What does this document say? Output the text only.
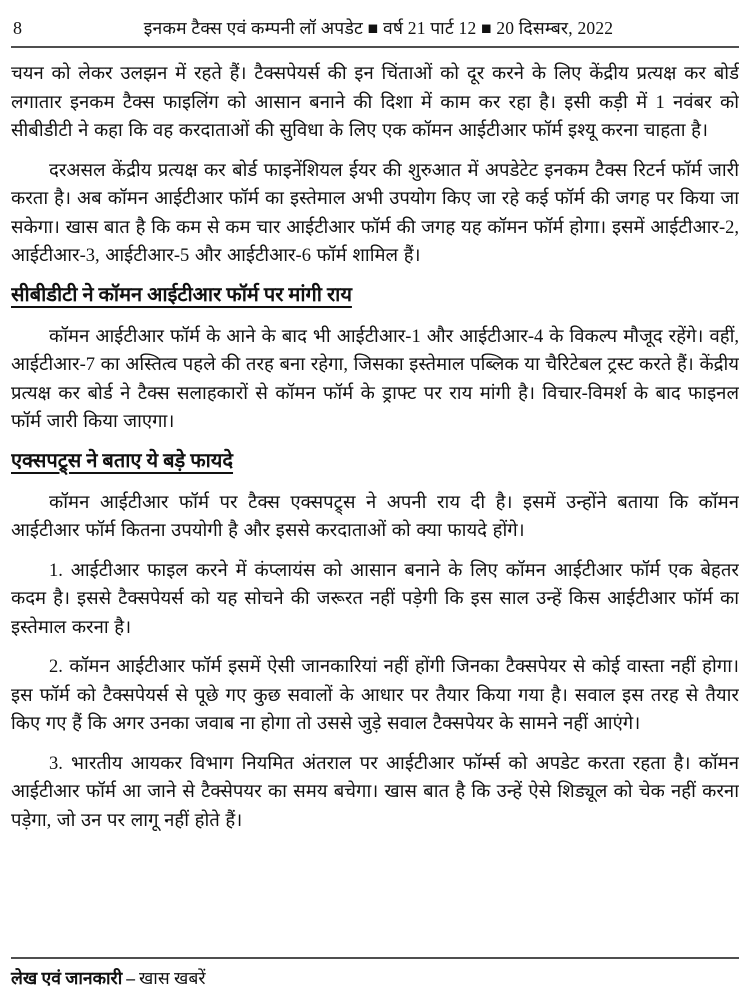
8	इनकम टैक्स एवं कम्पनी लॉ अपडेट ■ वर्ष 21 पार्ट 12 ■ 20 दिसम्बर, 2022

चयन को लेकर उलझन में रहते हैं। टैक्सपेयर्स की इन चिंताओं को दूर करने के लिए केंद्रीय प्रत्यक्ष कर बोर्ड लगातार इनकम टैक्स फाइलिंग को आसान बनाने की दिशा में काम कर रहा है। इसी कड़ी में 1 नवंबर को सीबीडीटी ने कहा कि वह करदाताओं की सुविधा के लिए एक कॉमन आईटीआर फॉर्म इश्यू करना चाहता है।

दरअसल केंद्रीय प्रत्यक्ष कर बोर्ड फाइनेंशियल ईयर की शुरुआत में अपडेटेट इनकम टैक्स रिटर्न फॉर्म जारी करता है। अब कॉमन आईटीआर फॉर्म का इस्तेमाल अभी उपयोग किए जा रहे कई फॉर्म की जगह पर किया जा सकेगा। खास बात है कि कम से कम चार आईटीआर फॉर्म की जगह यह कॉमन फॉर्म होगा। इसमें आईटीआर-2, आईटीआर-3, आईटीआर-5 और आईटीआर-6 फॉर्म शामिल हैं।

सीबीडीटी ने कॉमन आईटीआर फॉर्म पर मांगी राय

कॉमन आईटीआर फॉर्म के आने के बाद भी आईटीआर-1 और आईटीआर-4 के विकल्प मौजूद रहेंगे। वहीं, आईटीआर-7 का अस्तित्व पहले की तरह बना रहेगा, जिसका इस्तेमाल पब्लिक या चैरिटेबल ट्रस्ट करते हैं। केंद्रीय प्रत्यक्ष कर बोर्ड ने टैक्स सलाहकारों से कॉमन फॉर्म के ड्राफ्ट पर राय मांगी है। विचार-विमर्श के बाद फाइनल फॉर्म जारी किया जाएगा।

एक्सपट्र्स ने बताए ये बड़े फायदे

कॉमन आईटीआर फॉर्म पर टैक्स एक्सपट्र्स ने अपनी राय दी है। इसमें उन्होंने बताया कि कॉमन आईटीआर फॉर्म कितना उपयोगी है और इससे करदाताओं को क्या फायदे होंगे।

1. आईटीआर फाइल करने में कंप्लायंस को आसान बनाने के लिए कॉमन आईटीआर फॉर्म एक बेहतर कदम है। इससे टैक्सपेयर्स को यह सोचने की जरूरत नहीं पड़ेगी कि इस साल उन्हें किस आईटीआर फॉर्म का इस्तेमाल करना है।

2. कॉमन आईटीआर फॉर्म इसमें ऐसी जानकारियां नहीं होंगी जिनका टैक्सपेयर से कोई वास्ता नहीं होगा। इस फॉर्म को टैक्सपेयर्स से पूछे गए कुछ सवालों के आधार पर तैयार किया गया है। सवाल इस तरह से तैयार किए गए हैं कि अगर उनका जवाब ना होगा तो उससे जुड़े सवाल टैक्सपेयर के सामने नहीं आएंगे।

3. भारतीय आयकर विभाग नियमित अंतराल पर आईटीआर फॉर्म्स को अपडेट करता रहता है। कॉमन आईटीआर फॉर्म आ जाने से टैक्सेपयर का समय बचेगा। खास बात है कि उन्हें ऐसे शिड्यूल को चेक नहीं करना पड़ेगा, जो उन पर लागू नहीं होते हैं।

लेख एवं जानकारी – खास खबरें
